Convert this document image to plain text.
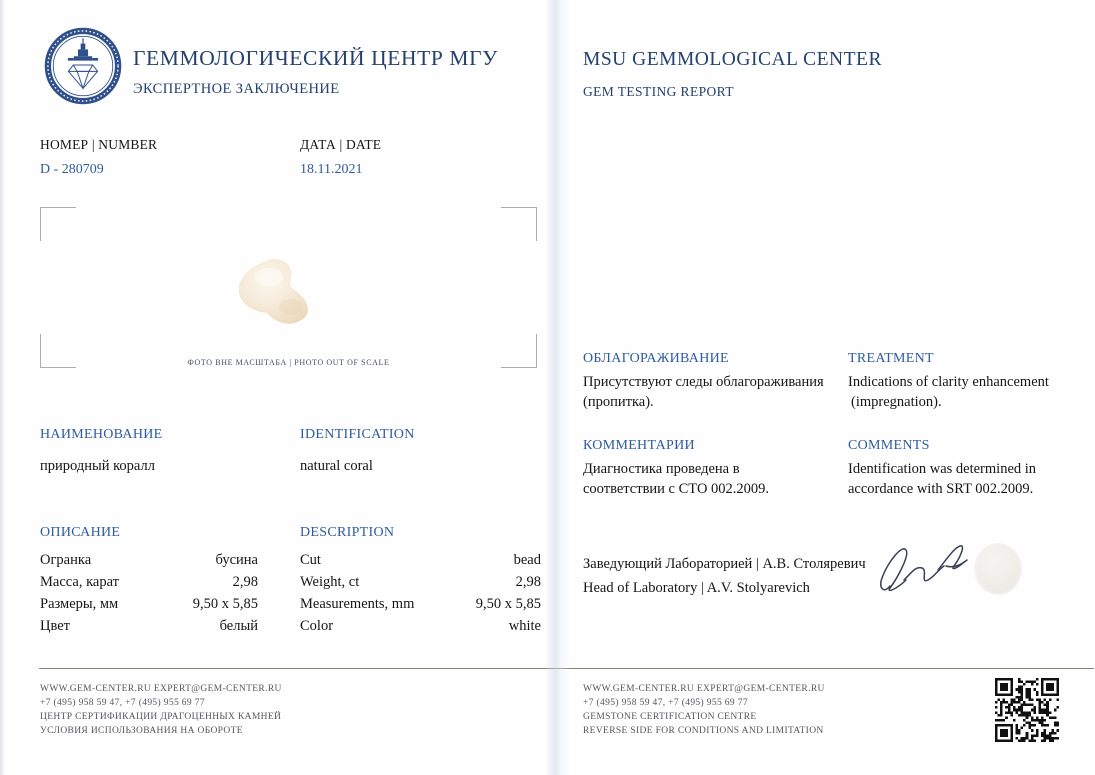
ГЕММОЛОГИЧЕСКИЙ ЦЕНТР МГУ
ЭКСПЕРТНОЕ ЗАКЛЮЧЕНИЕ
MSU GEMMOLOGICAL CENTER
GEM TESTING REPORT
НОМЕР | NUMBER
D - 280709
ДАТА | DATE
18.11.2021
ФОТО ВНЕ МАСШТАБА | PHOTO OUT OF SCALE
НАИМЕНОВАНИЕ
природный коралл
IDENTIFICATION
natural coral
ОПИСАНИЕ	DESCRIPTION
Огранка	бусина	Cut	bead
Масса, карат	2,98	Weight, ct	2,98
Размеры, мм	9,50 x 5,85	Measurements, mm	9,50 x 5,85
Цвет	белый	Color	white
ОБЛАГОРАЖИВАНИЕ
Присутствуют следы облагораживания
(пропитка).
TREATMENT
Indications of clarity enhancement
(impregnation).
КОММЕНТАРИИ
Диагностика проведена в
соответствии с СТО 002.2009.
COMMENTS
Identification was determined in
accordance with SRT 002.2009.
Заведующий Лабораторией | А.В. Столяревич
Head of Laboratory | A.V. Stolyarevich
WWW.GEM-CENTER.RU EXPERT@GEM-CENTER.RU
+7 (495) 958 59 47, +7 (495) 955 69 77
ЦЕНТР СЕРТИФИКАЦИИ ДРАГОЦЕННЫХ КАМНЕЙ
УСЛОВИЯ ИСПОЛЬЗОВАНИЯ НА ОБОРОТЕ
WWW.GEM-CENTER.RU EXPERT@GEM-CENTER.RU
+7 (495) 958 59 47, +7 (495) 955 69 77
GEMSTONE CERTIFICATION CENTRE
REVERSE SIDE FOR CONDITIONS AND LIMITATION
